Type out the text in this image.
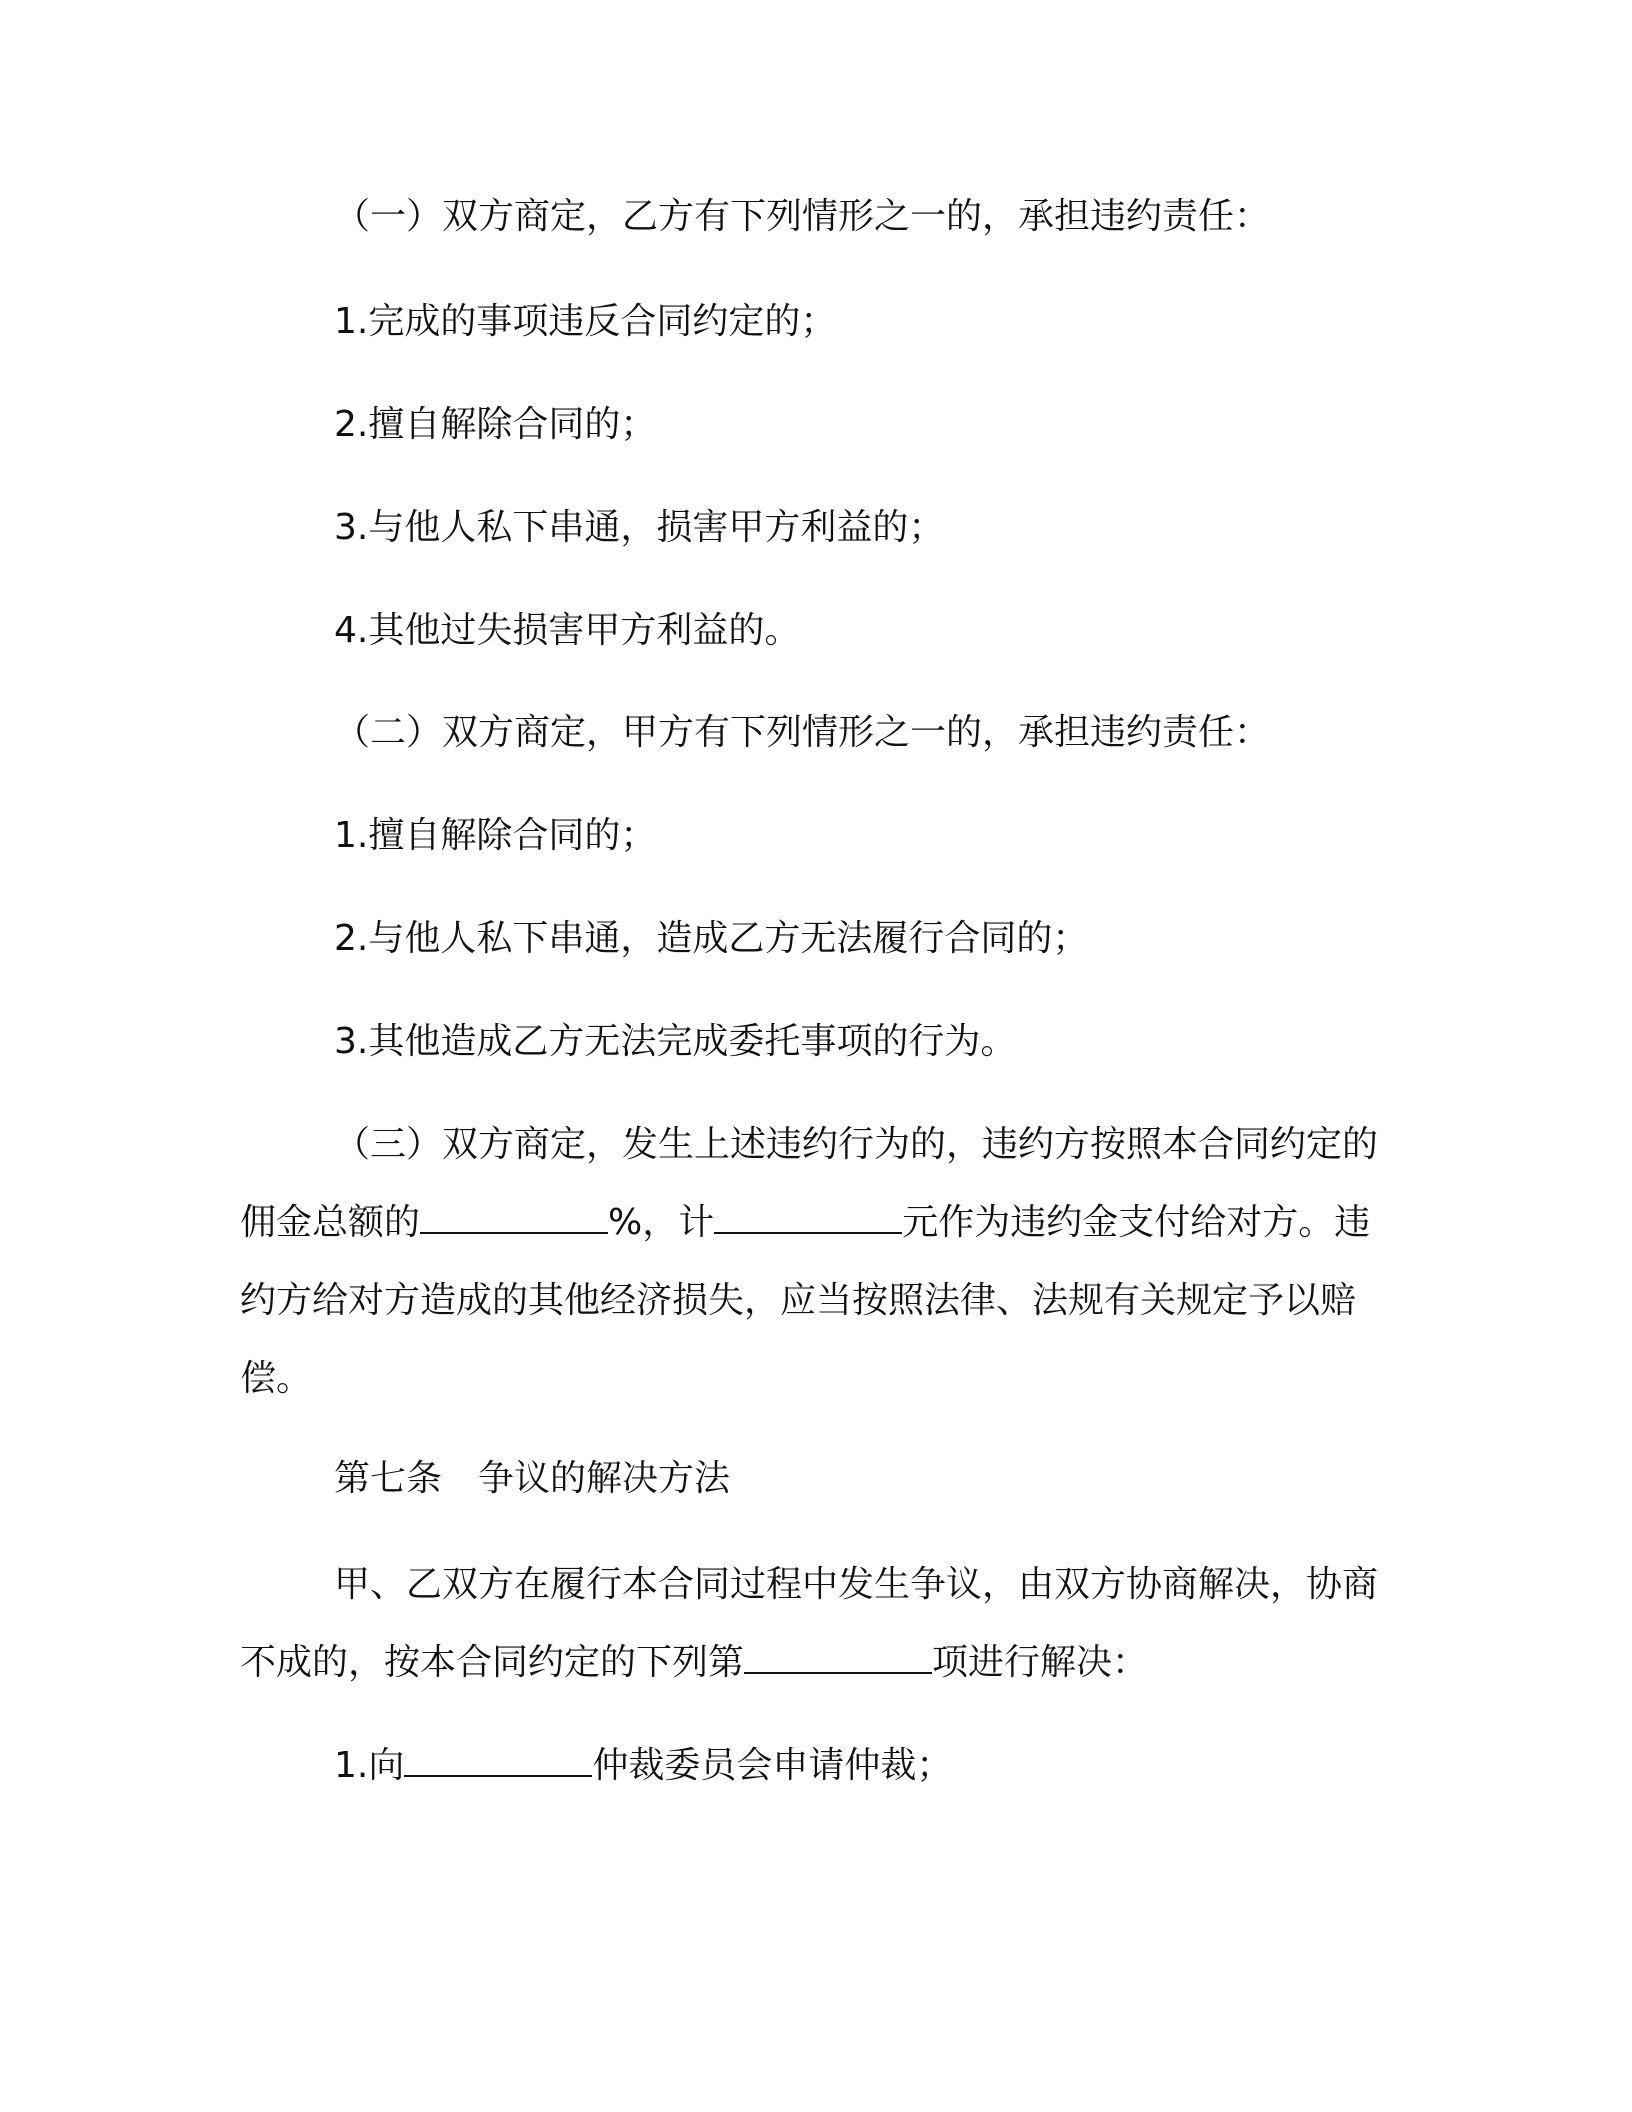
（一）双方商定，乙方有下列情形之一的，承担违约责任：

1.完成的事项违反合同约定的；

2.擅自解除合同的；

3.与他人私下串通，损害甲方利益的；

4.其他过失损害甲方利益的。

（二）双方商定，甲方有下列情形之一的，承担违约责任：

1.擅自解除合同的；

2.与他人私下串通，造成乙方无法履行合同的；

3.其他造成乙方无法完成委托事项的行为。

（三）双方商定，发生上述违约行为的，违约方按照本合同约定的佣金总额的	%，计	元作为违约金支付给对方。违约方给对方造成的其他经济损失，应当按照法律、法规有关规定予以赔偿。

第七条　争议的解决方法

甲、乙双方在履行本合同过程中发生争议，由双方协商解决，协商不成的，按本合同约定的下列第	项进行解决：

1.向	仲裁委员会申请仲裁；
